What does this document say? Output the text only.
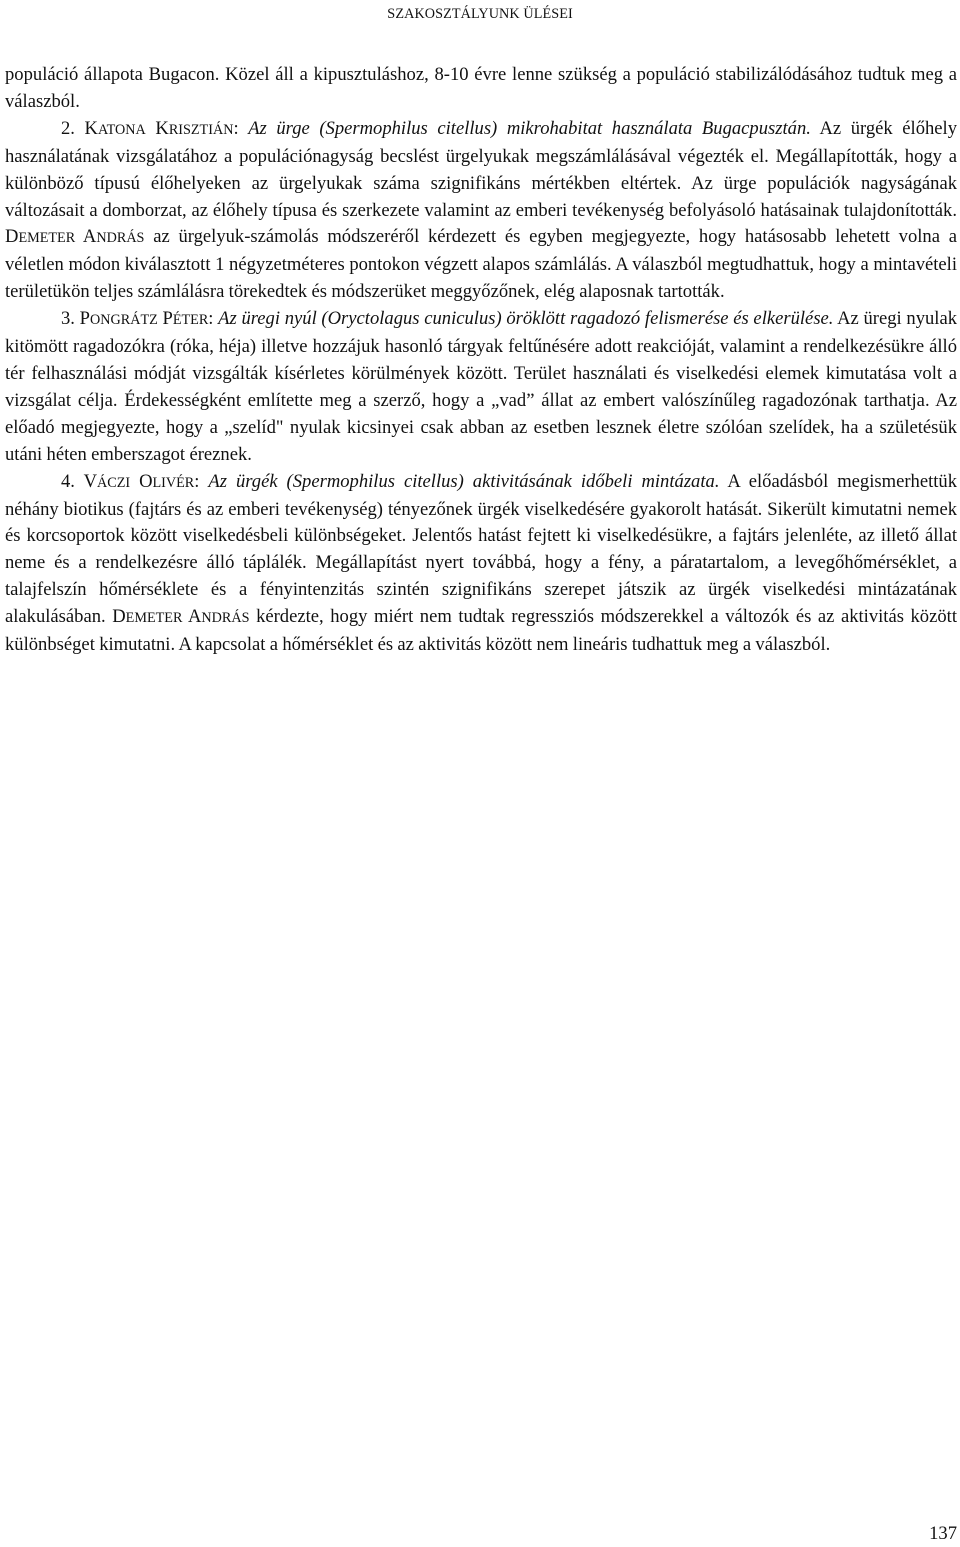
SZAKOSZTÁLYUNK ÜLÉSEI

populáció állapota Bugacon. Közel áll a kipusztuláshoz, 8-10 évre lenne szükség a populáció stabilizálódásához tudtuk meg a válaszból.

2. KATONA KRISZTIÁN: Az ürge (Spermophilus citellus) mikrohabitat használata Bugacpusztán. Az ürgék élőhely használatának vizsgálatához a populációnagyság becslést ürgelyukak megszámlálásával végezték el. Megállapították, hogy a különböző típusú élőhelyeken az ürgelyukak száma szignifikáns mértékben eltértek. Az ürge populációk nagyságának változásait a domborzat, az élőhely típusa és szerkezete valamint az emberi tevékenység befolyásoló hatásainak tulajdonították. DEMETER ANDRÁS az ürgelyuk-számolás módszeréről kérdezett és egyben megjegyezte, hogy hatásosabb lehetett volna a véletlen módon kiválasztott 1 négyzetméteres pontokon végzett alapos számlálás. A válaszból megtudhattuk, hogy a mintavételi területükön teljes számlálásra törekedtek és módszerüket meggyőzőnek, elég alaposnak tartották.

3. PONGRÁTZ PÉTER: Az üregi nyúl (Oryctolagus cuniculus) öröklött ragadozó felismerése és elkerülése. Az üregi nyulak kitömött ragadozókra (róka, héja) illetve hozzájuk hasonló tárgyak feltűnésére adott reakcióját, valamint a rendelkezésükre álló tér felhasználási módját vizsgálták kísérletes körülmények között. Terület használati és viselkedési elemek kimutatása volt a vizsgálat célja. Érdekességként említette meg a szerző, hogy a „vad” állat az embert valószínűleg ragadozónak tarthatja. Az előadó megjegyezte, hogy a „szelíd" nyulak kicsinyei csak abban az esetben lesznek életre szólóan szelídek, ha a születésük utáni héten emberszagot éreznek.

4. VÁCZI OLIVÉR: Az ürgék (Spermophilus citellus) aktivitásának időbeli mintázata. A előadásból megismerhettük néhány biotikus (fajtárs és az emberi tevékenység) tényezőnek ürgék viselkedésére gyakorolt hatását. Sikerült kimutatni nemek és korcsoportok között viselkedésbeli különbségeket. Jelentős hatást fejtett ki viselkedésükre, a fajtárs jelenléte, az illető állat neme és a rendelkezésre álló táplálék. Megállapítást nyert továbbá, hogy a fény, a páratartalom, a levegőhőmérséklet, a talajfelszín hőmérséklete és a fényintenzitás szintén szignifikáns szerepet játszik az ürgék viselkedési mintázatának alakulásában. DEMETER ANDRÁS kérdezte, hogy miért nem tudtak regressziós módszerekkel a változók és az aktivitás között különbséget kimutatni. A kapcsolat a hőmérséklet és az aktivitás között nem lineáris tudhattuk meg a válaszból.

137
